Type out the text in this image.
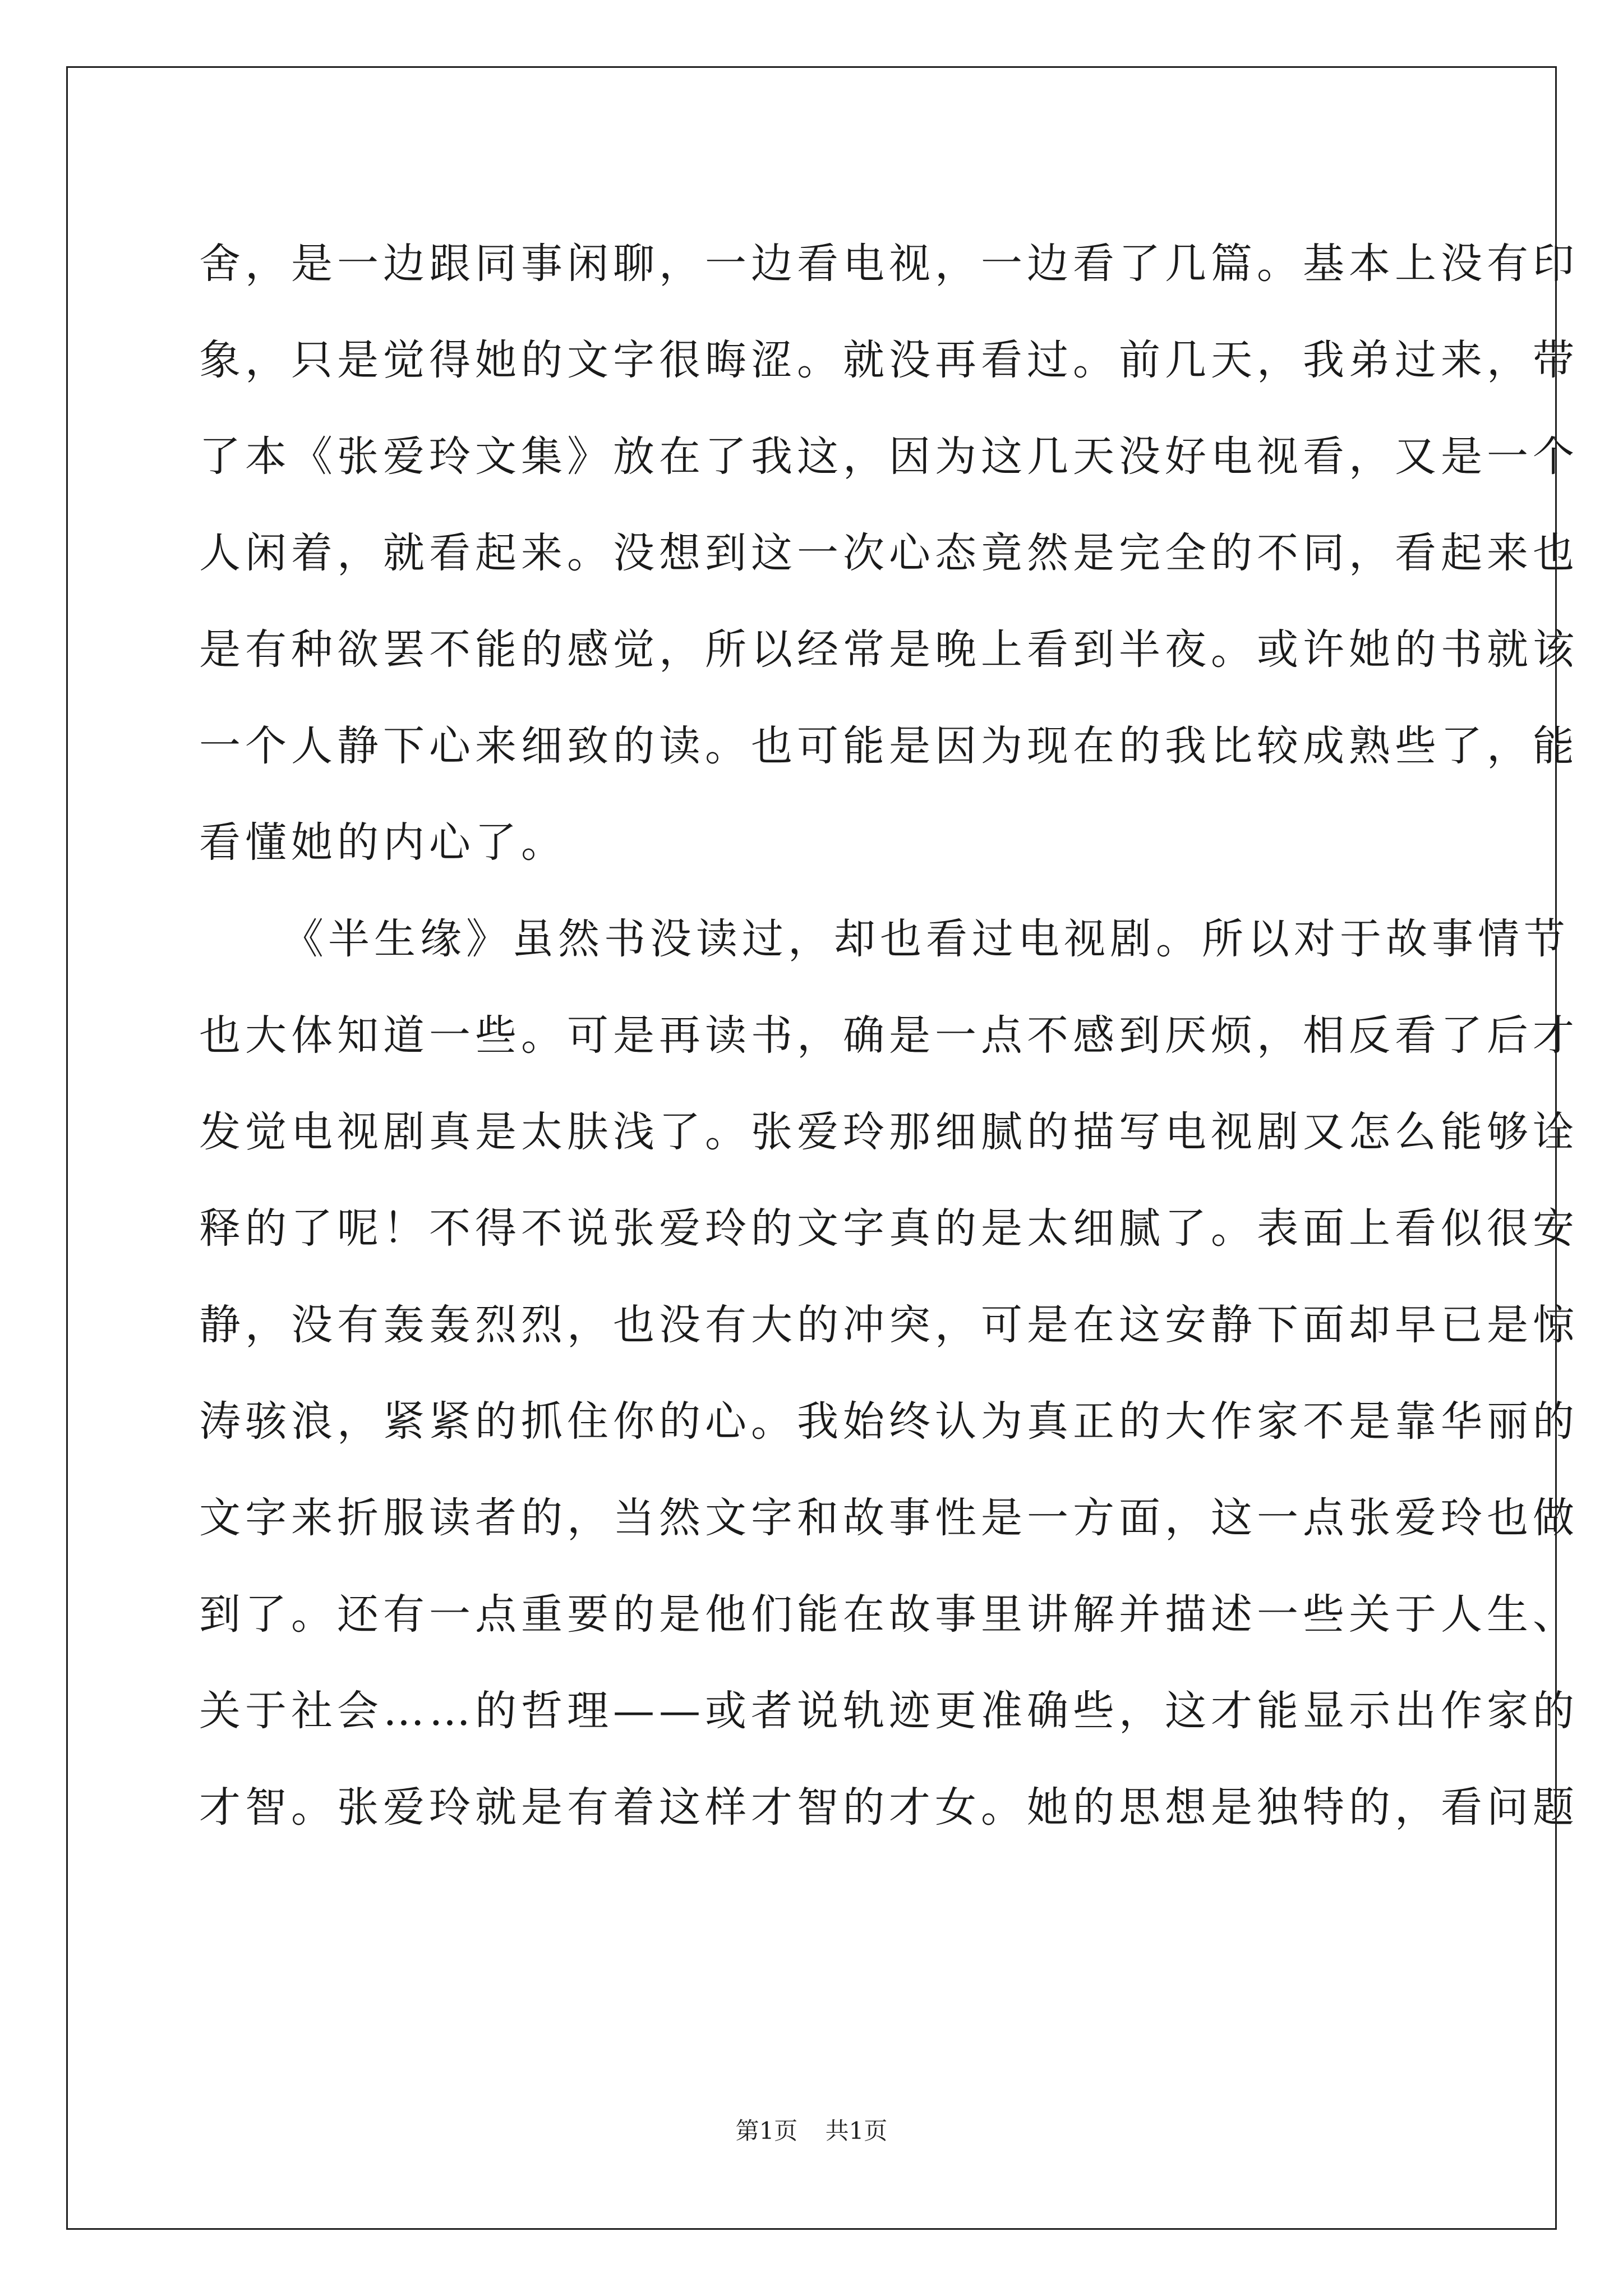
舍，是一边跟同事闲聊，一边看电视，一边看了几篇。基本上没有印
象，只是觉得她的文字很晦涩。就没再看过。前几天，我弟过来，带
了本《张爱玲文集》放在了我这，因为这几天没好电视看，又是一个
人闲着，就看起来。没想到这一次心态竟然是完全的不同，看起来也
是有种欲罢不能的感觉，所以经常是晚上看到半夜。或许她的书就该
一个人静下心来细致的读。也可能是因为现在的我比较成熟些了，能
看懂她的内心了。
《半生缘》虽然书没读过，却也看过电视剧。所以对于故事情节
也大体知道一些。可是再读书，确是一点不感到厌烦，相反看了后才
发觉电视剧真是太肤浅了。张爱玲那细腻的描写电视剧又怎么能够诠
释的了呢！不得不说张爱玲的文字真的是太细腻了。表面上看似很安
静，没有轰轰烈烈，也没有大的冲突，可是在这安静下面却早已是惊
涛骇浪，紧紧的抓住你的心。我始终认为真正的大作家不是靠华丽的
文字来折服读者的，当然文字和故事性是一方面，这一点张爱玲也做
到了。还有一点重要的是他们能在故事里讲解并描述一些关于人生、
关于社会……的哲理——或者说轨迹更准确些，这才能显示出作家的
才智。张爱玲就是有着这样才智的才女。她的思想是独特的，看问题
第1页 共1页
